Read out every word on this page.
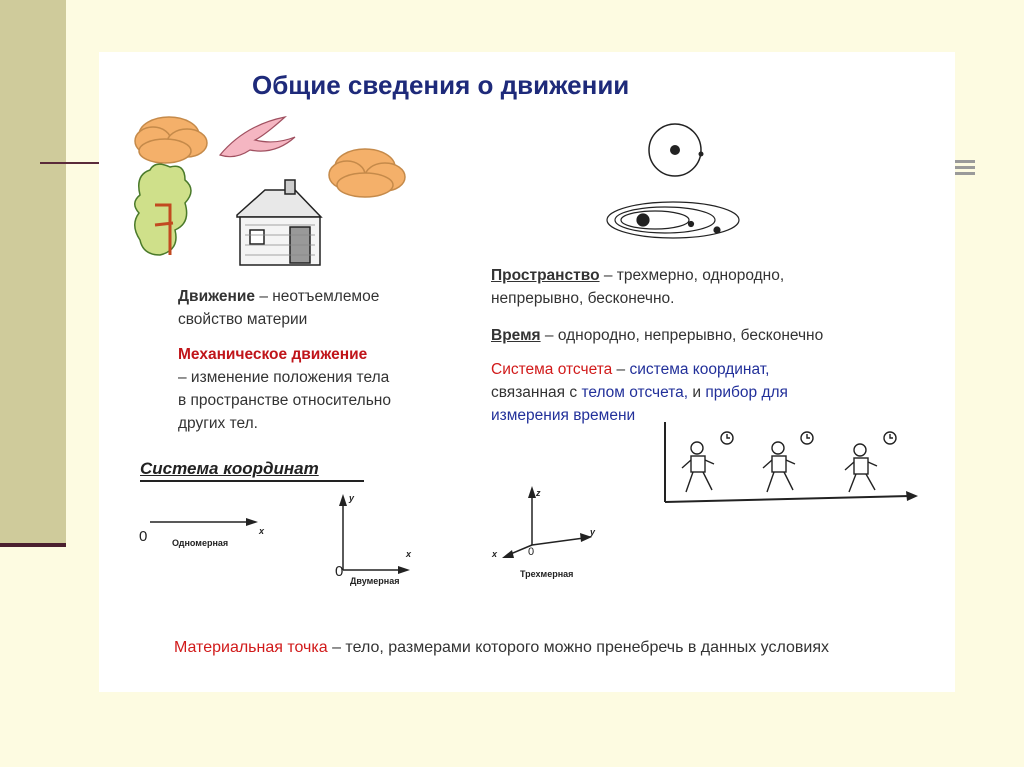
Общие сведения о движении
Движение – неотъемлемое
свойство материи
Механическое движение
– изменение положения тела
в пространстве относительно
других тел.
Пространство – трехмерно, однородно,
непрерывно, бесконечно.
Время – однородно, непрерывно, бесконечно
Система отсчета – система координат,
связанная с телом отсчета, и прибор для
измерения времени
Система координат
0	x
Одномерная
y
x
0
Двумерная
z
y
x	0
Трехмерная
Материальная точка – тело, размерами которого можно пренебречь в данных условиях
